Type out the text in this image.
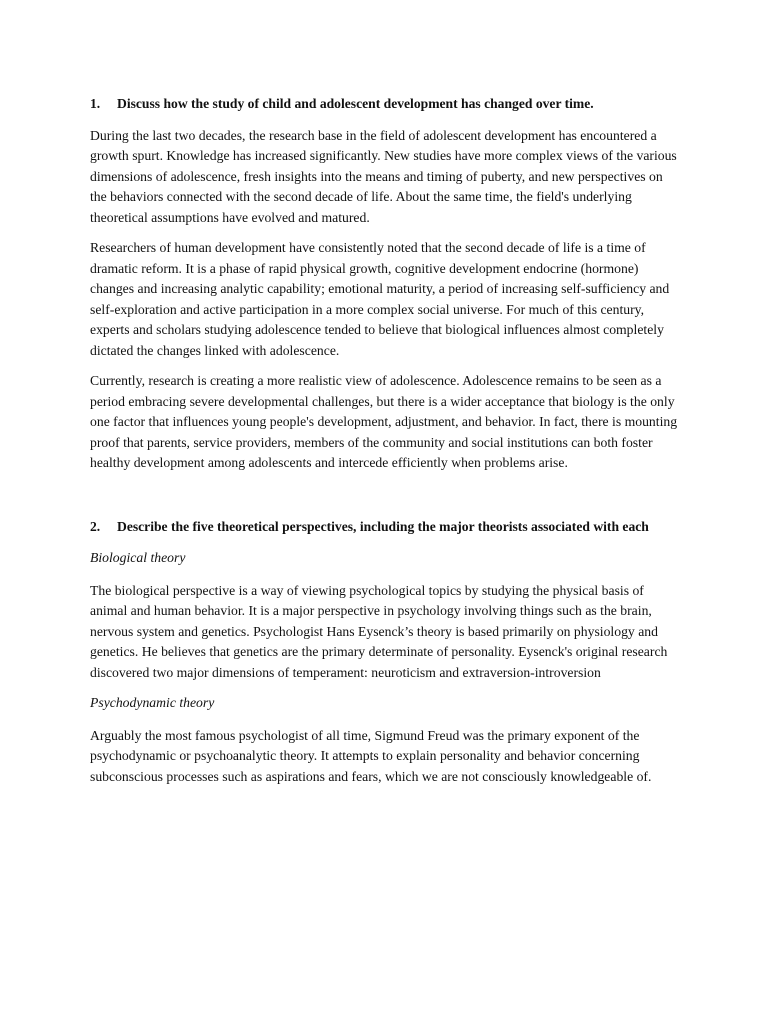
1.	Discuss how the study of child and adolescent development has changed over time.

During the last two decades, the research base in the field of adolescent development has encountered a growth spurt. Knowledge has increased significantly. New studies have more complex views of the various dimensions of adolescence, fresh insights into the means and timing of puberty, and new perspectives on the behaviors connected with the second decade of life. About the same time, the field's underlying theoretical assumptions have evolved and matured.

Researchers of human development have consistently noted that the second decade of life is a time of dramatic reform. It is a phase of rapid physical growth, cognitive development endocrine (hormone) changes and increasing analytic capability; emotional maturity, a period of increasing self-sufficiency and self-exploration and active participation in a more complex social universe. For much of this century, experts and scholars studying adolescence tended to believe that biological influences almost completely dictated the changes linked with adolescence.

Currently, research is creating a more realistic view of adolescence. Adolescence remains to be seen as a period embracing severe developmental challenges, but there is a wider acceptance that biology is the only one factor that influences young people's development, adjustment, and behavior. In fact, there is mounting proof that parents, service providers, members of the community and social institutions can both foster healthy development among adolescents and intercede efficiently when problems arise.

2.	Describe the five theoretical perspectives, including the major theorists associated with each
Biological theory

The biological perspective is a way of viewing psychological topics by studying the physical basis of animal and human behavior. It is a major perspective in psychology involving things such as the brain, nervous system and genetics. Psychologist Hans Eysenck’s theory is based primarily on physiology and genetics. He believes that genetics are the primary determinate of personality. Eysenck's original research discovered two major dimensions of temperament: neuroticism and extraversion-introversion

Psychodynamic theory

Arguably the most famous psychologist of all time, Sigmund Freud was the primary exponent of the psychodynamic or psychoanalytic theory. It attempts to explain personality and behavior concerning subconscious processes such as aspirations and fears, which we are not consciously knowledgeable of.
